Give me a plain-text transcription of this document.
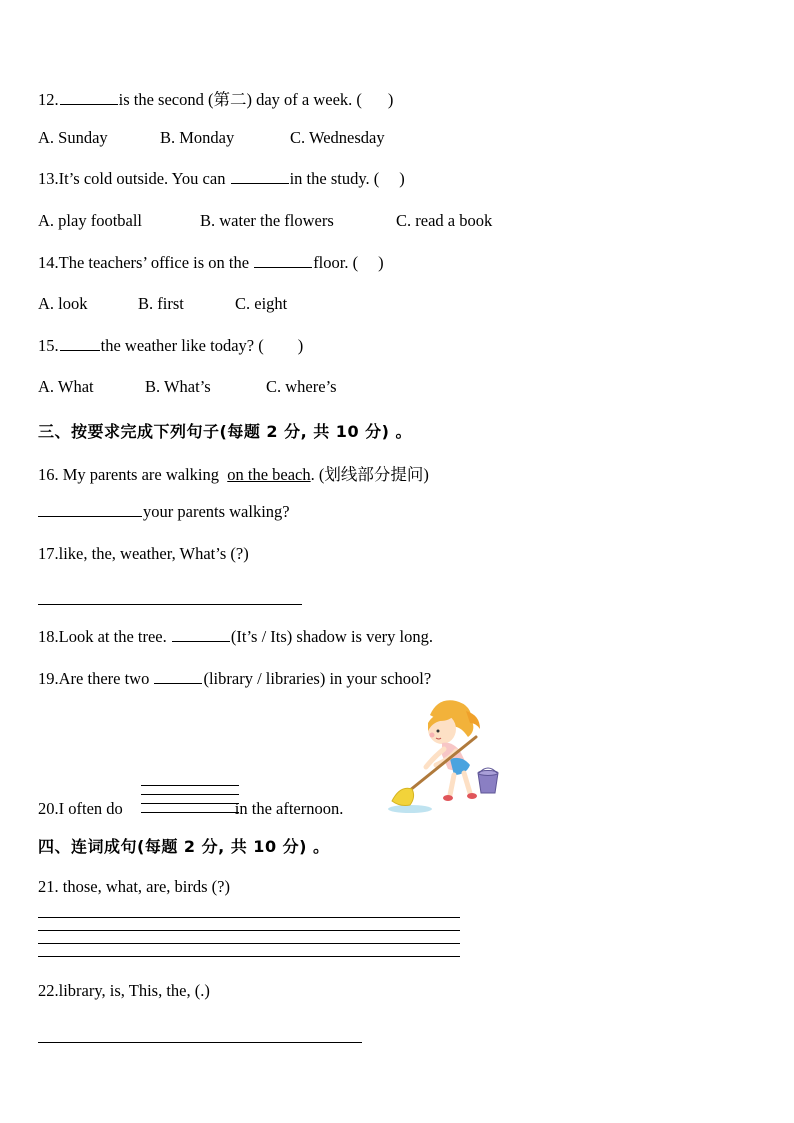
12.	is the second (第二) day of a week. ( )
A. Sunday	B. Monday	C. Wednesday
13.It’s cold outside. You can	in the study. ( )
A. play football	B. water the flowers	C. read a book
14.The teachers’ office is on the	floor. ( )
A. look	B. first	C. eight
15.	the weather like today? ( )
A. What	B. What’s	C. where’s
三、按要求完成下列句子(每题 2 分, 共 10 分) 。
16. My parents are walking on the beach. (划线部分提问)
your parents walking?
17.like, the, weather, What’s (?)
18.Look at the tree.	(It’s / Its) shadow is very long.
19.Are there two	(library / libraries) in your school?
20.I often do	in the afternoon.
四、连词成句(每题 2 分, 共 10 分) 。
21. those, what, are, birds (?)
22.library, is, This, the, (.)
